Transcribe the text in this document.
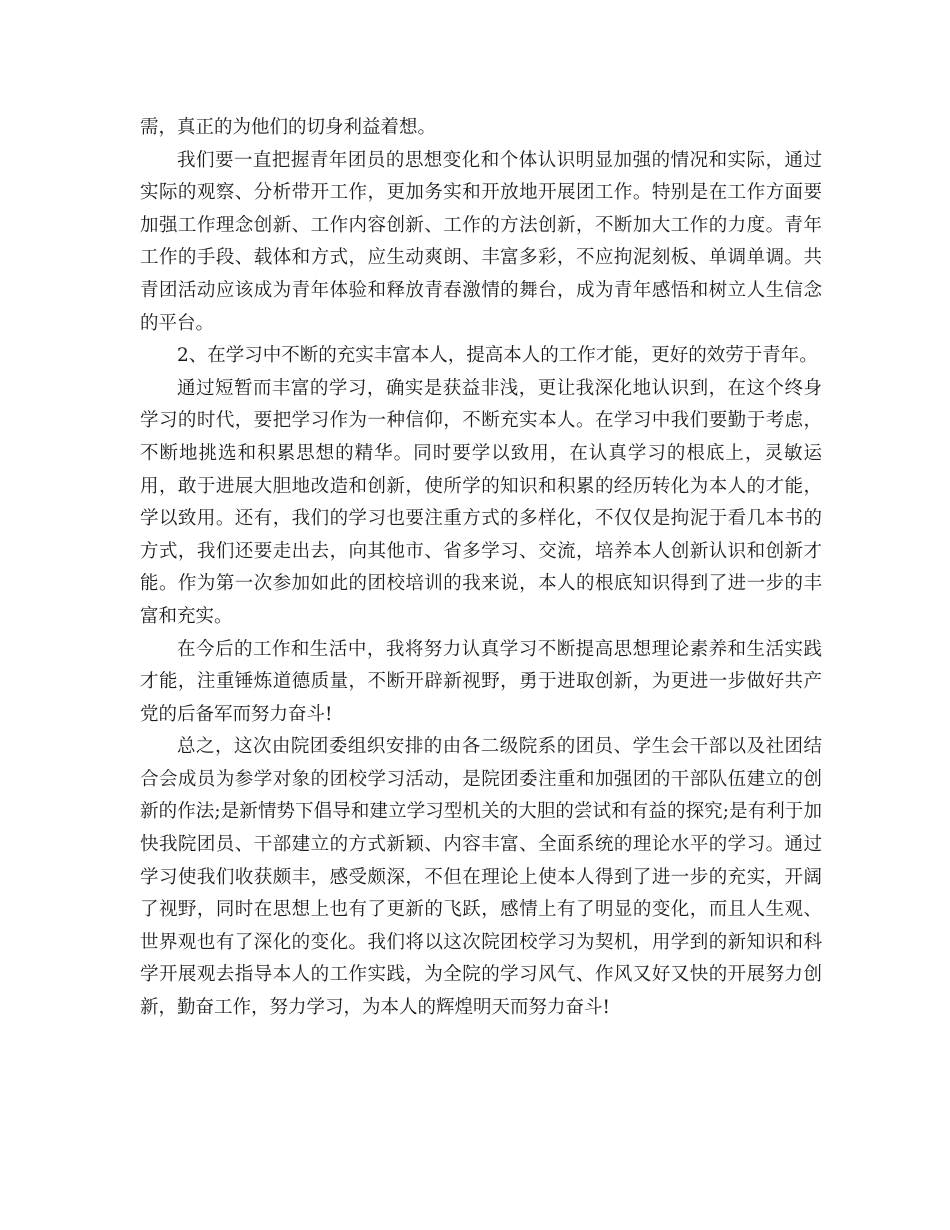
需，真正的为他们的切身利益着想。

我们要一直把握青年团员的思想变化和个体认识明显加强的情况和实际，通过实际的观察、分析带开工作，更加务实和开放地开展团工作。特别是在工作方面要加强工作理念创新、工作内容创新、工作的方法创新，不断加大工作的力度。青年工作的手段、载体和方式，应生动爽朗、丰富多彩，不应拘泥刻板、单调单调。共青团活动应该成为青年体验和释放青春激情的舞台，成为青年感悟和树立人生信念的平台。

2、在学习中不断的充实丰富本人，提高本人的工作才能，更好的效劳于青年。

通过短暂而丰富的学习，确实是获益非浅，更让我深化地认识到，在这个终身学习的时代，要把学习作为一种信仰，不断充实本人。在学习中我们要勤于考虑，不断地挑选和积累思想的精华。同时要学以致用，在认真学习的根底上，灵敏运用，敢于进展大胆地改造和创新，使所学的知识和积累的经历转化为本人的才能，学以致用。还有，我们的学习也要注重方式的多样化，不仅仅是拘泥于看几本书的方式，我们还要走出去，向其他市、省多学习、交流，培养本人创新认识和创新才能。作为第一次参加如此的团校培训的我来说，本人的根底知识得到了进一步的丰富和充实。

在今后的工作和生活中，我将努力认真学习不断提高思想理论素养和生活实践才能，注重锤炼道德质量，不断开辟新视野，勇于进取创新，为更进一步做好共产党的后备军而努力奋斗!

总之，这次由院团委组织安排的由各二级院系的团员、学生会干部以及社团结合会成员为参学对象的团校学习活动，是院团委注重和加强团的干部队伍建立的创新的作法;是新情势下倡导和建立学习型机关的大胆的尝试和有益的探究;是有利于加快我院团员、干部建立的方式新颖、内容丰富、全面系统的理论水平的学习。通过学习使我们收获颇丰，感受颇深，不但在理论上使本人得到了进一步的充实，开阔了视野，同时在思想上也有了更新的飞跃，感情上有了明显的变化，而且人生观、世界观也有了深化的变化。我们将以这次院团校学习为契机，用学到的新知识和科学开展观去指导本人的工作实践，为全院的学习风气、作风又好又快的开展努力创新，勤奋工作，努力学习，为本人的辉煌明天而努力奋斗!
